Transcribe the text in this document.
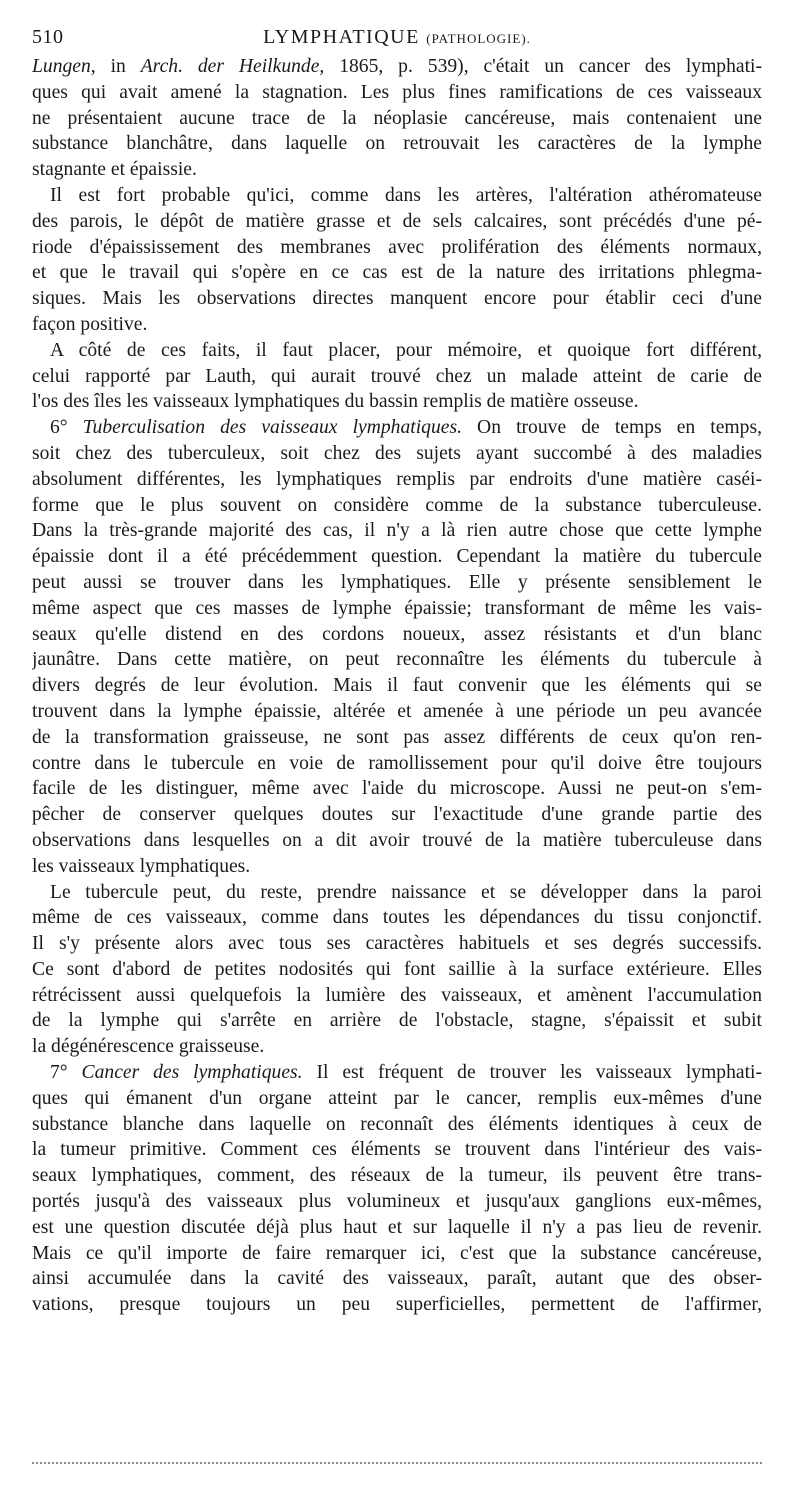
510	LYMPHATIQUE (PATHOLOGIE).
Lungen, in Arch. der Heilkunde, 1865, p. 539), c'était un cancer des lymphati-
ques qui avait amené la stagnation. Les plus fines ramifications de ces vaisseaux
ne présentaient aucune trace de la néoplasie cancéreuse, mais contenaient une
substance blanchâtre, dans laquelle on retrouvait les caractères de la lymphe
stagnante et épaissie.
Il est fort probable qu'ici, comme dans les artères, l'altération athéromateuse
des parois, le dépôt de matière grasse et de sels calcaires, sont précédés d'une pé-
riode d'épaississement des membranes avec prolifération des éléments normaux,
et que le travail qui s'opère en ce cas est de la nature des irritations phlegma-
siques. Mais les observations directes manquent encore pour établir ceci d'une
façon positive.
A côté de ces faits, il faut placer, pour mémoire, et quoique fort différent,
celui rapporté par Lauth, qui aurait trouvé chez un malade atteint de carie de
l'os des îles les vaisseaux lymphatiques du bassin remplis de matière osseuse.
6° Tuberculisation des vaisseaux lymphatiques. On trouve de temps en temps,
soit chez des tuberculeux, soit chez des sujets ayant succombé à des maladies
absolument différentes, les lymphatiques remplis par endroits d'une matière caséi-
forme que le plus souvent on considère comme de la substance tuberculeuse.
Dans la très-grande majorité des cas, il n'y a là rien autre chose que cette lymphe
épaissie dont il a été précédemment question. Cependant la matière du tubercule
peut aussi se trouver dans les lymphatiques. Elle y présente sensiblement le
même aspect que ces masses de lymphe épaissie; transformant de même les vais-
seaux qu'elle distend en des cordons noueux, assez résistants et d'un blanc
jaunâtre. Dans cette matière, on peut reconnaître les éléments du tubercule à
divers degrés de leur évolution. Mais il faut convenir que les éléments qui se
trouvent dans la lymphe épaissie, altérée et amenée à une période un peu avancée
de la transformation graisseuse, ne sont pas assez différents de ceux qu'on ren-
contre dans le tubercule en voie de ramollissement pour qu'il doive être toujours
facile de les distinguer, même avec l'aide du microscope. Aussi ne peut-on s'em-
pêcher de conserver quelques doutes sur l'exactitude d'une grande partie des
observations dans lesquelles on a dit avoir trouvé de la matière tuberculeuse dans
les vaisseaux lymphatiques.
Le tubercule peut, du reste, prendre naissance et se développer dans la paroi
même de ces vaisseaux, comme dans toutes les dépendances du tissu conjonctif.
Il s'y présente alors avec tous ses caractères habituels et ses degrés successifs.
Ce sont d'abord de petites nodosités qui font saillie à la surface extérieure. Elles
rétrécissent aussi quelquefois la lumière des vaisseaux, et amènent l'accumulation
de la lymphe qui s'arrête en arrière de l'obstacle, stagne, s'épaissit et subit
la dégénérescence graisseuse.
7° Cancer des lymphatiques. Il est fréquent de trouver les vaisseaux lymphati-
ques qui émanent d'un organe atteint par le cancer, remplis eux-mêmes d'une
substance blanche dans laquelle on reconnaît des éléments identiques à ceux de
la tumeur primitive. Comment ces éléments se trouvent dans l'intérieur des vais-
seaux lymphatiques, comment, des réseaux de la tumeur, ils peuvent être trans-
portés jusqu'à des vaisseaux plus volumineux et jusqu'aux ganglions eux-mêmes,
est une question discutée déjà plus haut et sur laquelle il n'y a pas lieu de revenir.
Mais ce qu'il importe de faire remarquer ici, c'est que la substance cancéreuse,
ainsi accumulée dans la cavité des vaisseaux, paraît, autant que des obser-
vations, presque toujours un peu superficielles, permettent de l'affirmer,
